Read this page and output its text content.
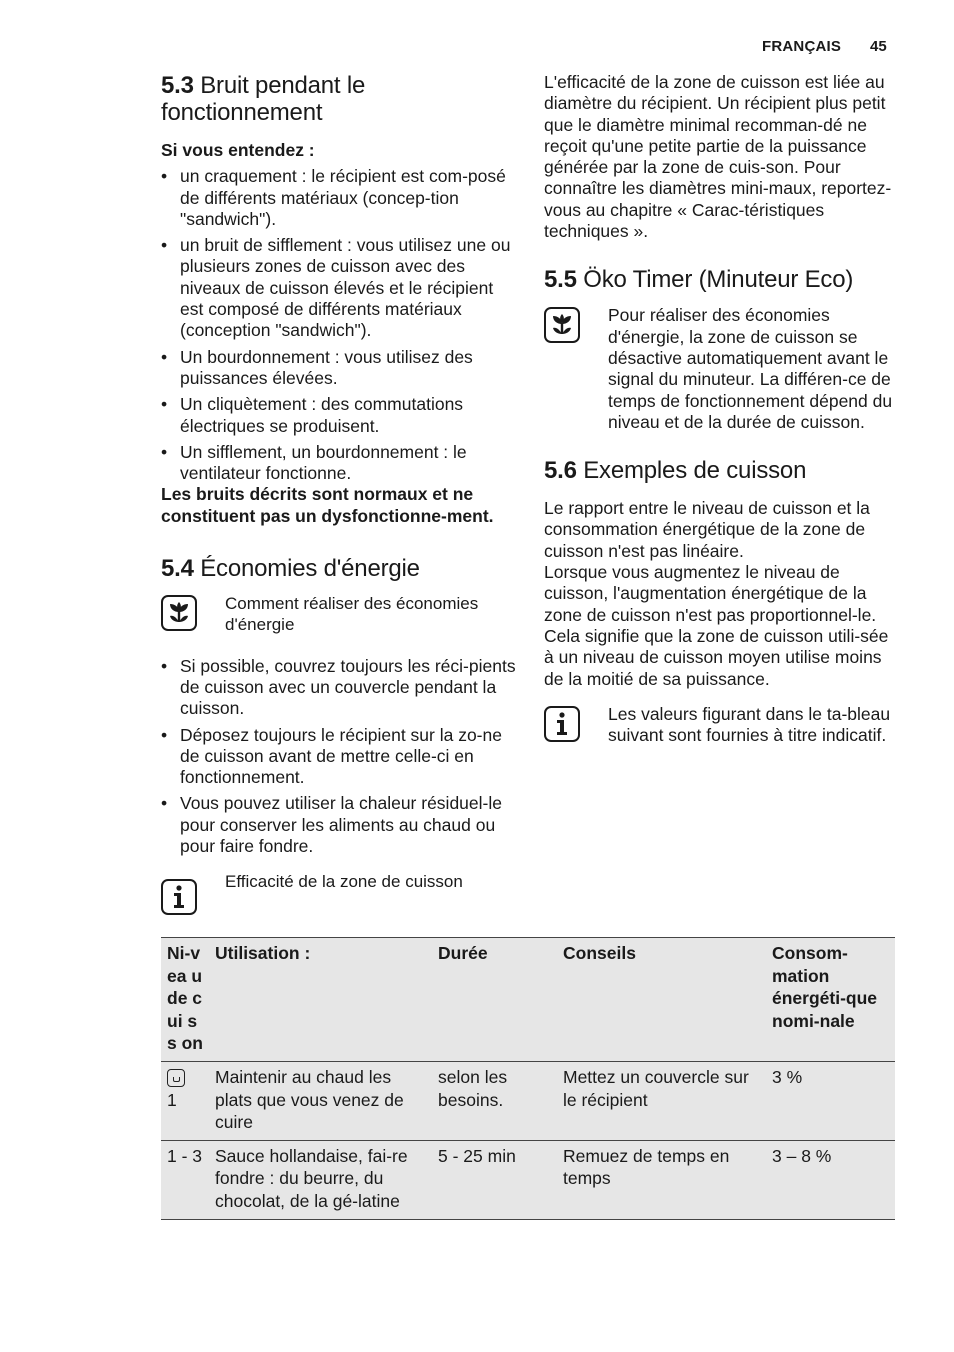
FRANÇAIS 45
5.3 Bruit pendant le
fonctionnement

Si vous entendez :

• un craquement : le récipient est com-posé de différents matériaux (concep-tion "sandwich").
• un bruit de sifflement : vous utilisez une ou plusieurs zones de cuisson avec des niveaux de cuisson élevés et le récipient est composé de différents matériaux (conception "sandwich").
• Un bourdonnement : vous utilisez des puissances élevées.
• Un cliquètement : des commutations électriques se produisent.
• Un sifflement, un bourdonnement : le ventilateur fonctionne.

Les bruits décrits sont normaux et ne constituent pas un dysfonctionne-ment.

5.4 Économies d'énergie
Comment réaliser des économies d'énergie
• Si possible, couvrez toujours les réci-pients de cuisson avec un couvercle pendant la cuisson.
• Déposez toujours le récipient sur la zo-ne de cuisson avant de mettre celle-ci en fonctionnement.
• Vous pouvez utiliser la chaleur résiduel-le pour conserver les aliments au chaud ou pour faire fondre.
Efficacité de la zone de cuisson

L'efficacité de la zone de cuisson est liée au diamètre du récipient. Un récipient plus petit que le diamètre minimal recomman-dé ne reçoit qu'une petite partie de la puissance générée par la zone de cuis-son. Pour connaître les diamètres mini-maux, reportez-vous au chapitre « Carac-téristiques techniques ».

5.5 Öko Timer (Minuteur Eco)
Pour réaliser des économies d'énergie, la zone de cuisson se désactive automatiquement avant le signal du minuteur. La différen-ce de temps de fonctionnement dépend du niveau et de la durée de cuisson.
5.6 Exemples de cuisson

Le rapport entre le niveau de cuisson et la consommation énergétique de la zone de cuisson n'est pas linéaire.

Lorsque vous augmentez le niveau de cuisson, l'augmentation énergétique de la zone de cuisson n'est pas proportionnel-le.

Cela signifie que la zone de cuisson utili-sée à un niveau de cuisson moyen utilise moins de la moitié de sa puissance.

Les valeurs figurant dans le ta-bleau suivant sont fournies à titre indicatif.
Ni-vea u de cui ss on	Utilisation :	Durée	Conseils	Consom-mation énergéti-que nomi-nale

1	Maintenir au chaud les plats que vous venez de cuire	selon les besoins.	Mettez un couvercle sur le récipient	3 %
1 - 3	Sauce hollandaise, fai-re fondre : du beurre, du chocolat, de la gé-latine	5 - 25 min	Remuez de temps en temps	3 – 8 %
